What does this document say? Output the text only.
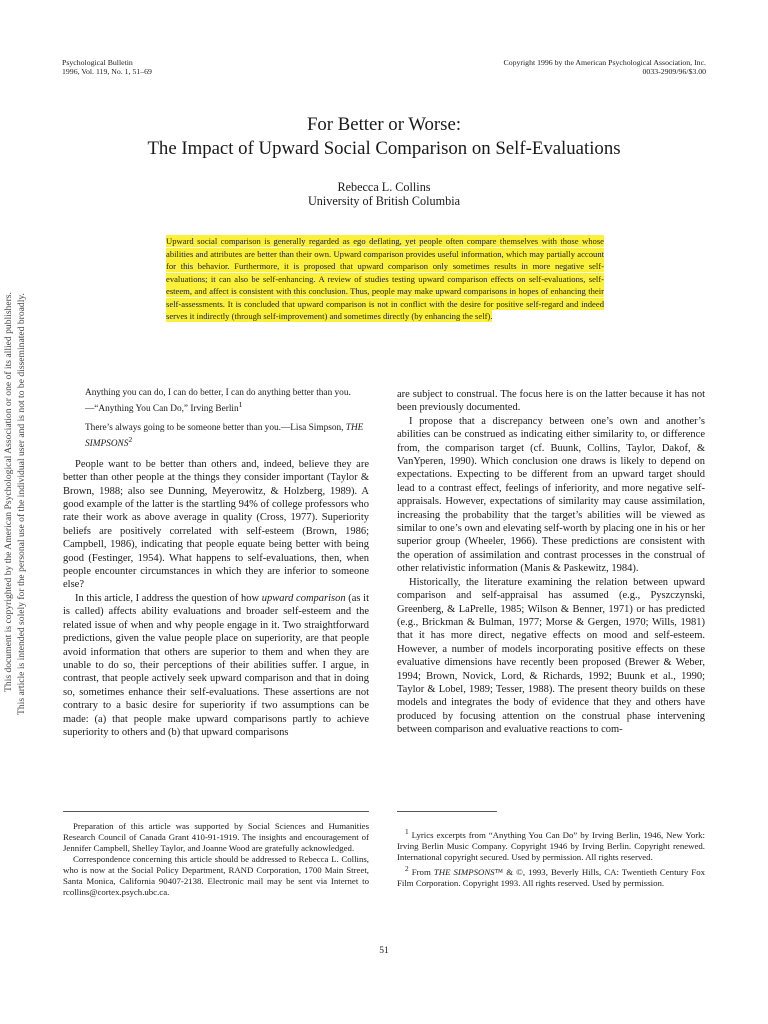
Psychological Bulletin
1996, Vol. 119, No. 1, 51–69
Copyright 1996 by the American Psychological Association, Inc.
0033-2909/96/$3.00
This document is copyrighted by the American Psychological Association or one of its allied publishers. This article is intended solely for the personal use of the individual user and is not to be disseminated broadly.
For Better or Worse:
The Impact of Upward Social Comparison on Self-Evaluations
Rebecca L. Collins
University of British Columbia
Upward social comparison is generally regarded as ego deflating, yet people often compare themselves with those whose abilities and attributes are better than their own. Upward comparison provides useful information, which may partially account for this behavior. Furthermore, it is proposed that upward comparison only sometimes results in more negative self-evaluations; it can also be self-enhancing. A review of studies testing upward comparison effects on self-evaluations, self-esteem, and affect is consistent with this conclusion. Thus, people may make upward comparisons in hopes of enhancing their self-assessments. It is concluded that upward comparison is not in conflict with the desire for positive self-regard and indeed serves it indirectly (through self-improvement) and sometimes directly (by enhancing the self).
Anything you can do, I can do better, I can do anything better than you.—“Anything You Can Do,” Irving Berlin$^1$
There’s always going to be someone better than you.—Lisa Simpson, THE SIMPSONS$^2$

People want to be better than others and, indeed, believe they are better than other people at the things they consider important (Taylor & Brown, 1988; also see Dunning, Meyerowitz, & Holzberg, 1989). A good example of the latter is the startling 94% of college professors who rate their work as above average in quality (Cross, 1977). Superiority beliefs are positively correlated with self-esteem (Brown, 1986; Campbell, 1986), indicating that people equate being better with being good (Festinger, 1954). What happens to self-evaluations, then, when people encounter circumstances in which they are inferior to someone else?

In this article, I address the question of how upward comparison (as it is called) affects ability evaluations and broader self-esteem and the related issue of when and why people engage in it. Two straightforward predictions, given the value people place on superiority, are that people avoid information that others are superior to them and when they are unable to do so, their perceptions of their abilities suffer. I argue, in contrast, that people actively seek upward comparison and that in doing so, sometimes enhance their self-evaluations. These assertions are not contrary to a basic desire for superiority if two assumptions can be made: (a) that people make upward comparisons partly to achieve superiority to others and (b) that upward comparisons

are subject to construal. The focus here is on the latter because it has not been previously documented.

I propose that a discrepancy between one’s own and another’s abilities can be construed as indicating either similarity to, or difference from, the comparison target (cf. Buunk, Collins, Taylor, Dakof, & VanYperen, 1990). Which conclusion one draws is likely to depend on expectations. Expecting to be different from an upward target should lead to a contrast effect, feelings of inferiority, and more negative self-appraisals. However, expectations of similarity may cause assimilation, increasing the probability that the target’s abilities will be viewed as similar to one’s own and elevating self-worth by placing one in his or her superior group (Wheeler, 1966). These predictions are consistent with the operation of assimilation and contrast processes in the construal of other relativistic information (Manis & Paskewitz, 1984).

Historically, the literature examining the relation between upward comparison and self-appraisal has assumed (e.g., Pyszczynski, Greenberg, & LaPrelle, 1985; Wilson & Benner, 1971) or has predicted (e.g., Brickman & Bulman, 1977; Morse & Gergen, 1970; Wills, 1981) that it has more direct, negative effects on mood and self-esteem. However, a number of models incorporating positive effects on these evaluative dimensions have recently been proposed (Brewer & Weber, 1994; Brown, Novick, Lord, & Richards, 1992; Buunk et al., 1990; Taylor & Lobel, 1989; Tesser, 1988). The present theory builds on these models and integrates the body of evidence that they and others have produced by focusing attention on the construal phase intervening between comparison and evaluative reactions to com-

Preparation of this article was supported by Social Sciences and Humanities Research Council of Canada Grant 410-91-1919. The insights and encouragement of Jennifer Campbell, Shelley Taylor, and Joanne Wood are gratefully acknowledged.

Correspondence concerning this article should be addressed to Rebecca L. Collins, who is now at the Social Policy Department, RAND Corporation, 1700 Main Street, Santa Monica, California 90407-2138. Electronic mail may be sent via Internet to rcollins@cortex.psych.ubc.ca.

$^1$ Lyrics excerpts from “Anything You Can Do” by Irving Berlin, 1946, New York: Irving Berlin Music Company. Copyright 1946 by Irving Berlin. Copyright renewed. International copyright secured. Used by permission. All rights reserved.

$^2$ From THE SIMPSONS™ & ©, 1993, Beverly Hills, CA: Twentieth Century Fox Film Corporation. Copyright 1993. All rights reserved. Used by permission.

51
